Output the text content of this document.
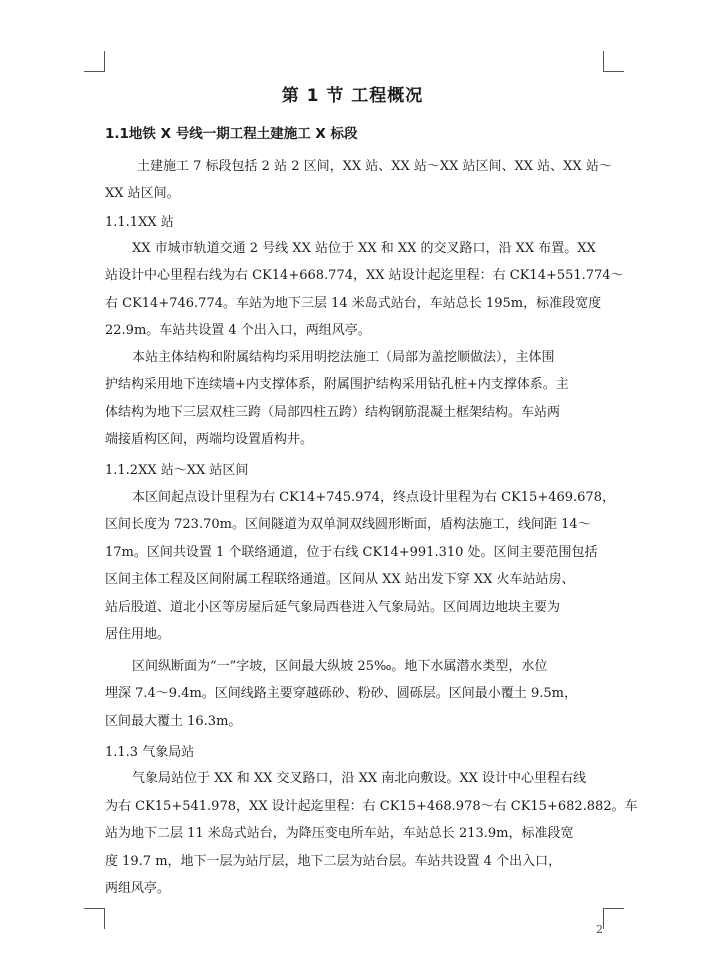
第 1 节 工程概况
1.1地铁 X 号线一期工程土建施工 X 标段
土建施工 7 标段包括 2 站 2 区间，XX 站、XX 站～XX 站区间、XX 站、XX 站～
XX 站区间。
1.1.1XX 站
XX 市城市轨道交通 2 号线 XX 站位于 XX 和 XX 的交叉路口，沿 XX 布置。XX
站设计中心里程右线为右 CK14+668.774，XX 站设计起迄里程：右 CK14+551.774～
右 CK14+746.774。车站为地下三层 14 米岛式站台，车站总长 195m，标准段宽度
22.9m。车站共设置 4 个出入口，两组风亭。
本站主体结构和附属结构均采用明挖法施工（局部为盖挖顺做法），主体围
护结构采用地下连续墙+内支撑体系，附属围护结构采用钻孔桩+内支撑体系。主
体结构为地下三层双柱三跨（局部四柱五跨）结构钢筋混凝土框架结构。车站两
端接盾构区间，两端均设置盾构井。
1.1.2XX 站～XX 站区间
本区间起点设计里程为右 CK14+745.974，终点设计里程为右 CK15+469.678，
区间长度为 723.70m。区间隧道为双单洞双线圆形断面，盾构法施工，线间距 14～
17m。区间共设置 1 个联络通道，位于右线 CK14+991.310 处。区间主要范围包括
区间主体工程及区间附属工程联络通道。区间从 XX 站出发下穿 XX 火车站站房、
站后股道、道北小区等房屋后延气象局西巷进入气象局站。区间周边地块主要为
居住用地。
区间纵断面为“一”字坡，区间最大纵坡 25‰。地下水属潜水类型，水位
埋深 7.4～9.4m。区间线路主要穿越砾砂、粉砂、圆砾层。区间最小覆土 9.5m，
区间最大覆土 16.3m。
1.1.3 气象局站
气象局站位于 XX 和 XX 交叉路口，沿 XX 南北向敷设。XX 设计中心里程右线
为右 CK15+541.978，XX 设计起迄里程：右 CK15+468.978～右 CK15+682.882。车
站为地下二层 11 米岛式站台，为降压变电所车站，车站总长 213.9m，标准段宽
度 19.7 m，地下一层为站厅层，地下二层为站台层。车站共设置 4 个出入口，
两组风亭。
2
